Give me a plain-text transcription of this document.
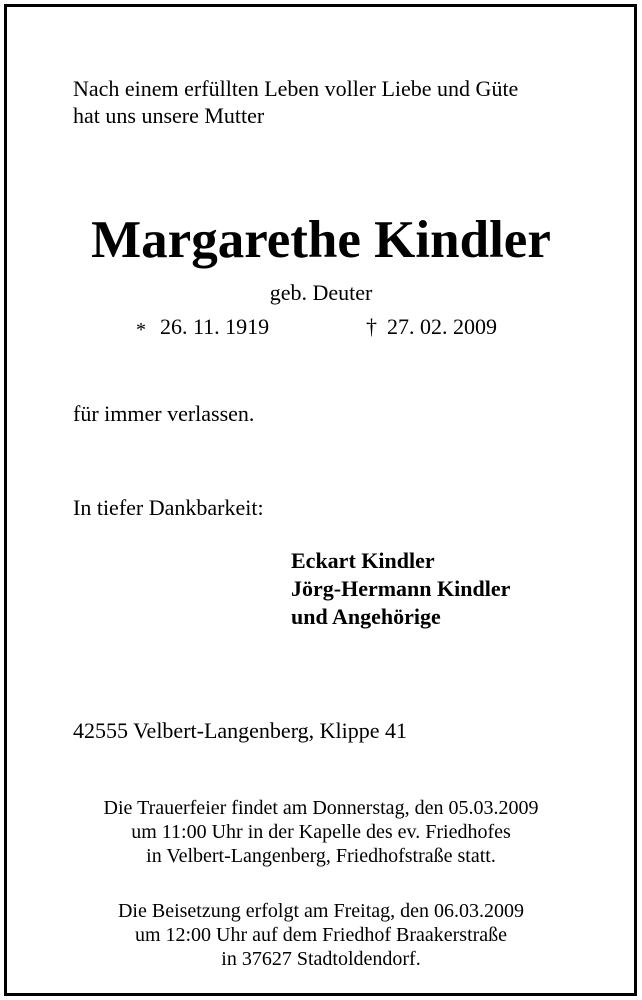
Nach einem erfüllten Leben voller Liebe und Güte
hat uns unsere Mutter
Margarethe Kindler
geb. Deuter
* 26. 11. 1919	† 27. 02. 2009
für immer verlassen.
In tiefer Dankbarkeit:
Eckart Kindler
Jörg-Hermann Kindler
und Angehörige
42555 Velbert-Langenberg, Klippe 41
Die Trauerfeier findet am Donnerstag, den 05.03.2009
um 11:00 Uhr in der Kapelle des ev. Friedhofes
in Velbert-Langenberg, Friedhofstraße statt.
Die Beisetzung erfolgt am Freitag, den 06.03.2009
um 12:00 Uhr auf dem Friedhof Braakerstraße
in 37627 Stadtoldendorf.
